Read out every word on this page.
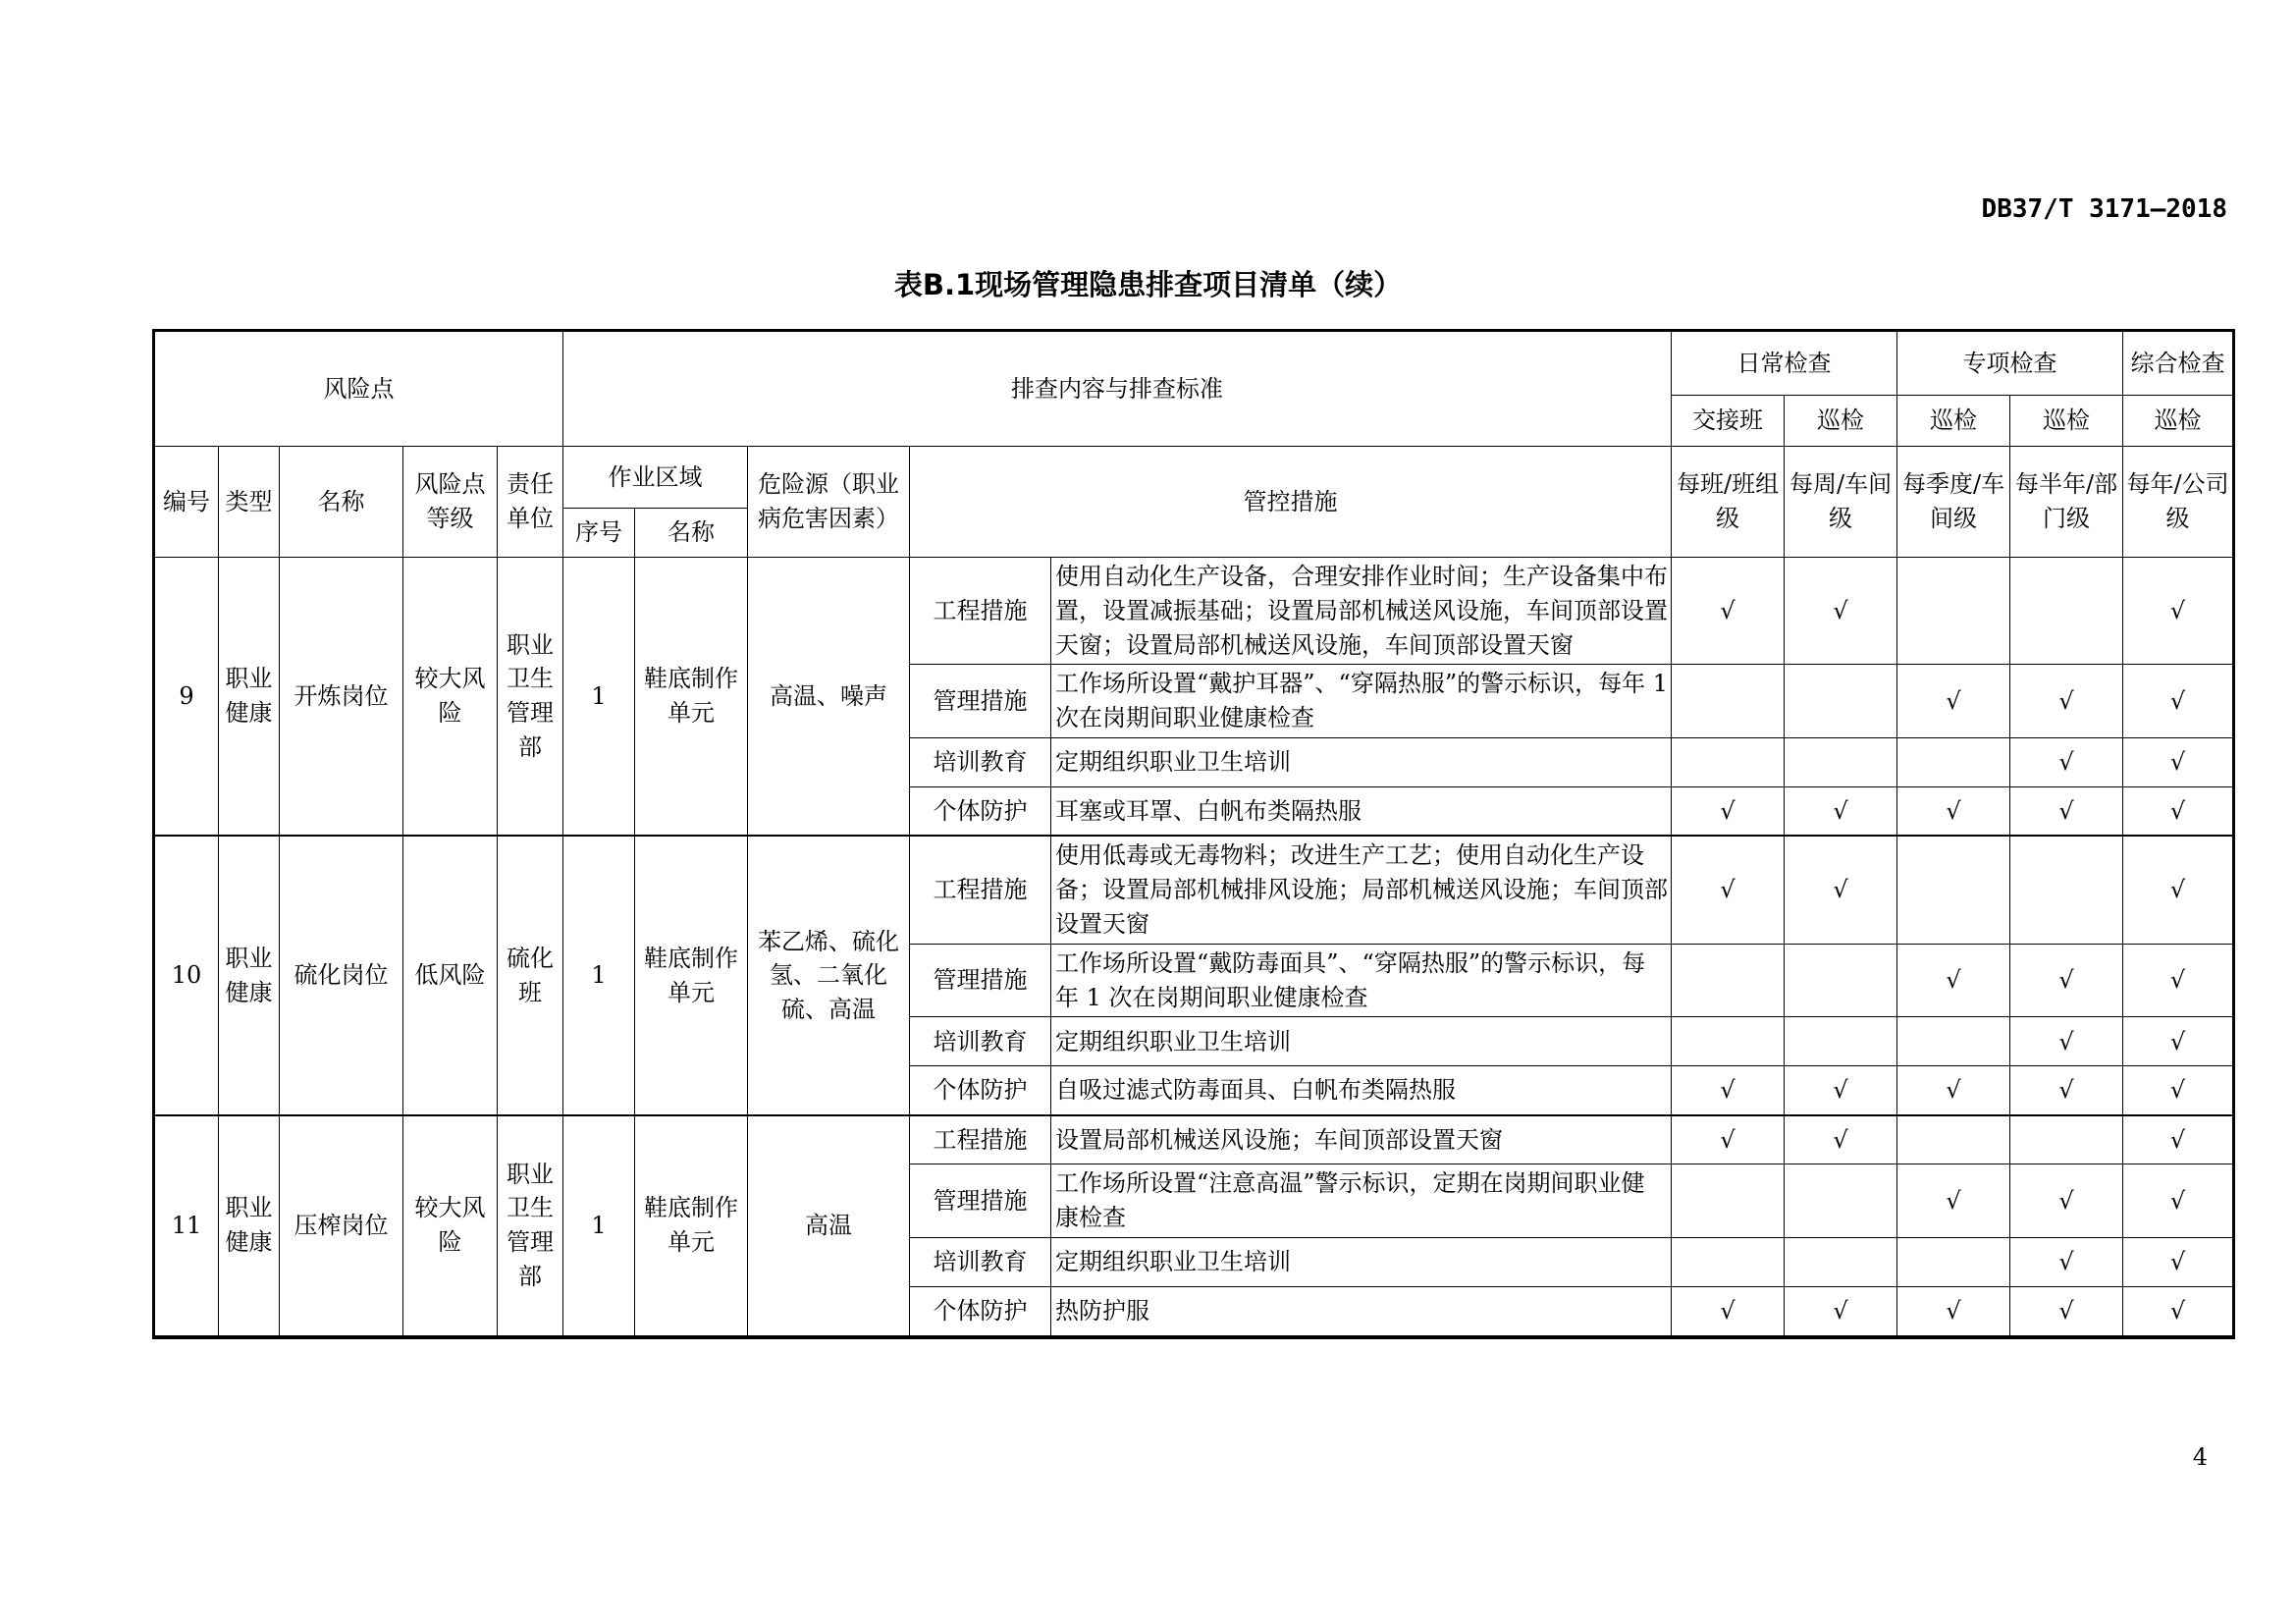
DB37/T 3171—2018
表B.1现场管理隐患排查项目清单（续）
风险点					排查内容与排查标准					日常检查		专项检查		综合检查
										交接班	巡检	巡检	巡检	巡检
编号	类型	名称	风险点等级	责任单位	作业区域		危险源（职业病危害因素）	管控措施		每班/班组级	每周/车间级	每季度/车间级	每半年/部门级	每年/公司级
					序号	名称								
9	职业健康	开炼岗位	较大风险	职业卫生管理部	1	鞋底制作单元	高温、噪声	工程措施	使用自动化生产设备，合理安排作业时间；生产设备集中布置，设置减振基础；设置局部机械送风设施，车间顶部设置天窗；设置局部机械送风设施，车间顶部设置天窗	√	√			√
								管理措施	工作场所设置“戴护耳器”、“穿隔热服”的警示标识，每年 1 次在岗期间职业健康检查			√	√	√
								培训教育	定期组织职业卫生培训				√	√
								个体防护	耳塞或耳罩、白帆布类隔热服	√	√	√	√	√
10	职业健康	硫化岗位	低风险	硫化班	1	鞋底制作单元	苯乙烯、硫化氢、二氧化硫、高温	工程措施	使用低毒或无毒物料；改进生产工艺；使用自动化生产设备；设置局部机械排风设施；局部机械送风设施；车间顶部设置天窗	√	√			√
								管理措施	工作场所设置“戴防毒面具”、“穿隔热服”的警示标识，每年 1 次在岗期间职业健康检查			√	√	√
								培训教育	定期组织职业卫生培训				√	√
								个体防护	自吸过滤式防毒面具、白帆布类隔热服	√	√	√	√	√
11	职业健康	压榨岗位	较大风险	职业卫生管理部	1	鞋底制作单元	高温	工程措施	设置局部机械送风设施；车间顶部设置天窗	√	√			√
								管理措施	工作场所设置“注意高温”警示标识，定期在岗期间职业健康检查			√	√	√
								培训教育	定期组织职业卫生培训				√	√
								个体防护	热防护服	√	√	√	√	√
4
